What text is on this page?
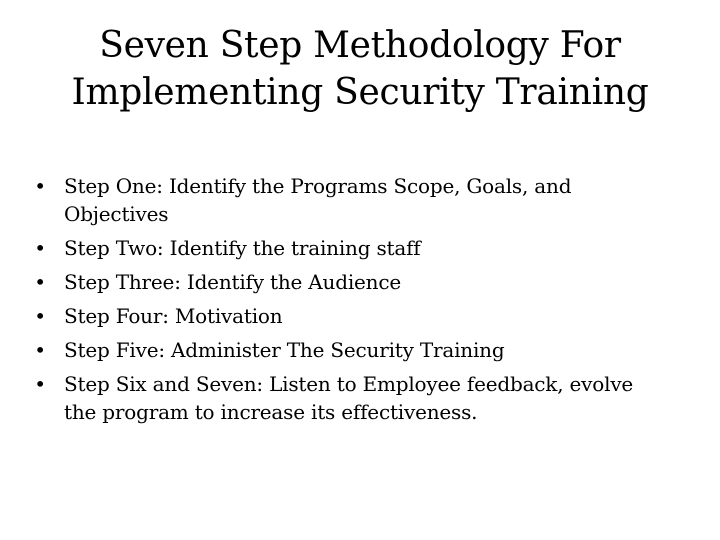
Seven Step Methodology For Implementing Security Training
• Step One: Identify the Programs Scope, Goals, and Objectives
• Step Two: Identify the training staff
• Step Three: Identify the Audience
• Step Four: Motivation
• Step Five: Administer The Security Training
• Step Six and Seven: Listen to Employee feedback, evolve the program to increase its effectiveness.
